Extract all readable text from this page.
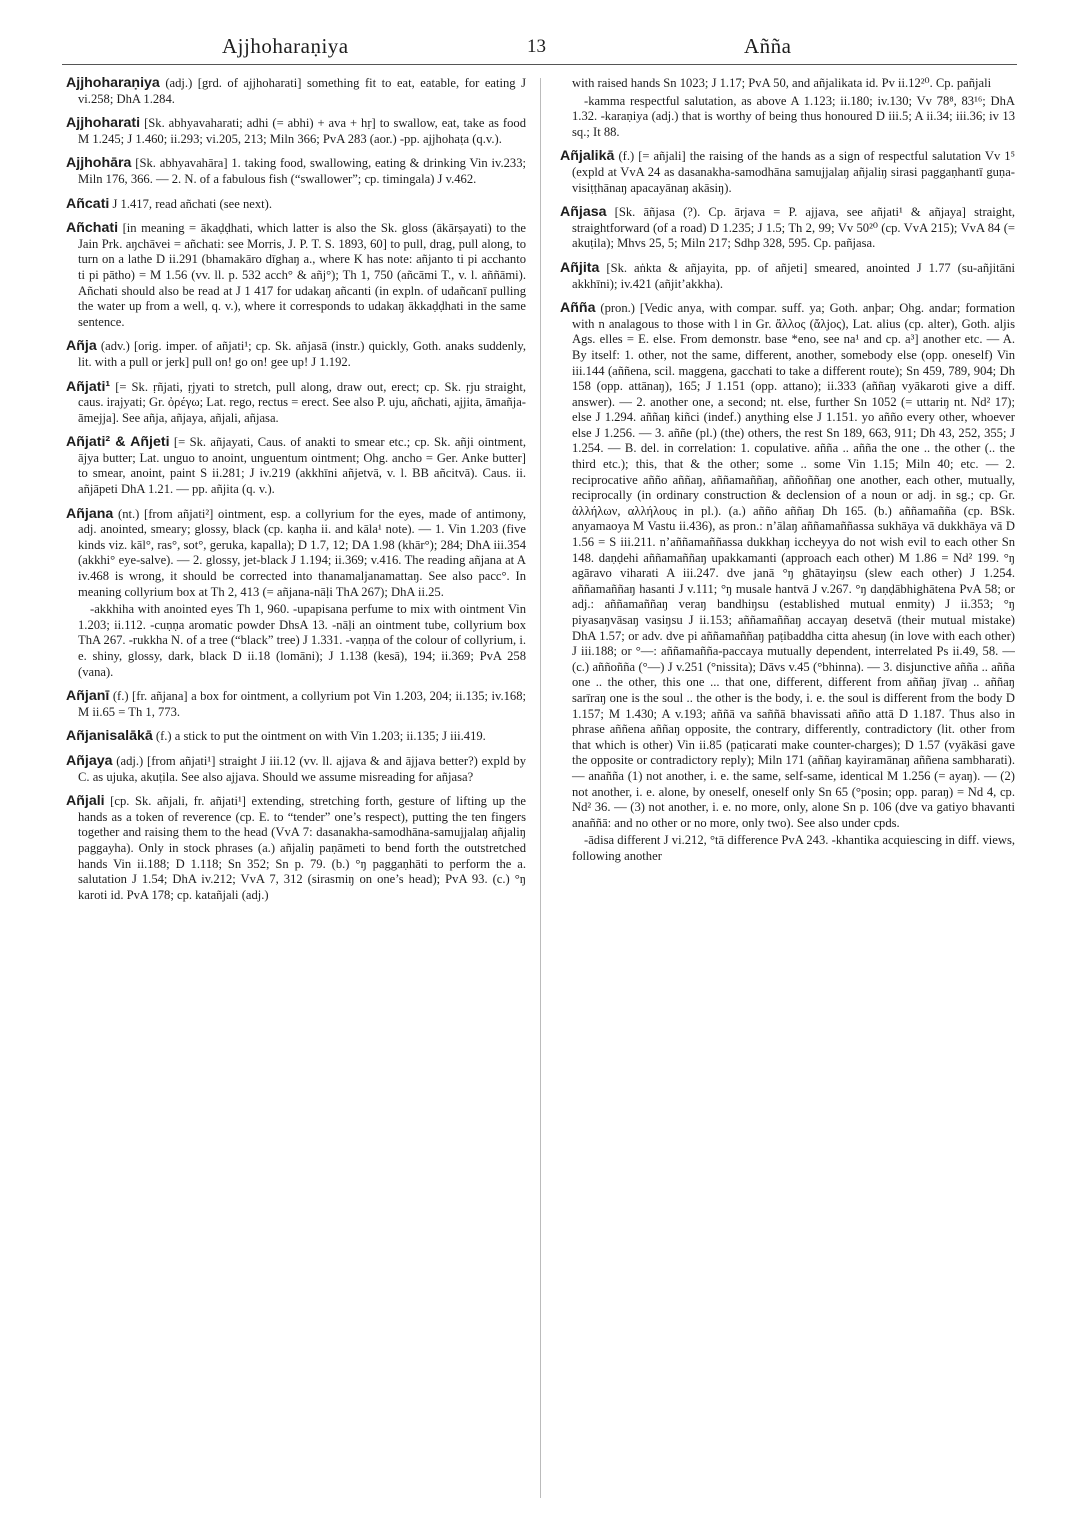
Ajjhoharaṇiya	13	Añña
Ajjhoharaṇiya (adj.) [grd. of ajjhoharati] something fit to eat, eatable, for eating J vi.258; DhA 1.284.
Ajjhoharati [Sk. abhyavaharati; adhi (= abhi) + ava + hṛ] to swallow, eat, take as food M 1.245; J 1.460; ii.293; vi.205, 213; Miln 366; PvA 283 (aor.) -pp. ajjhohaṭa (q.v.).
Ajjhohāra [Sk. abhyavahāra] 1. taking food, swallowing, eating & drinking Vin iv.233; Miln 176, 366. — 2. N. of a fabulous fish (“swallower”; cp. timingala) J v.462.
Añcati J 1.417, read añchati (see next).
Añchati [in meaning = ākaḍḍhati, which latter is also the Sk. gloss (ākārṣayati) to the Jain Prk. aŋchāvei = añchati: see Morris, J. P. T. S. 1893, 60] to pull, drag, pull along, to turn on a lathe D ii.291 (bhamakāro dīghaŋ a., where K has note: añjanto ti pi acchanto ti pi pātho) = M 1.56 (vv. ll. p. 532 acch° & añj°); Th 1, 750 (añcāmi T., v. l. aññāmi). Añchati should also be read at J 1 417 for udakaŋ añcanti (in expln. of udañcanī pulling the water up from a well, q. v.), where it corresponds to udakaŋ ākkaḍḍhati in the same sentence.
Añja (adv.) [orig. imper. of añjati¹; cp. Sk. añjasā (instr.) quickly, Goth. anaks suddenly, lit. with a pull or jerk] pull on! go on! gee up! J 1.192.
Añjati¹ [= Sk. ṛñjati, ṛjyati to stretch, pull along, draw out, erect; cp. Sk. ṛju straight, caus. irajyati; Gr. ὀρέγω; Lat. rego, rectus = erect. See also P. uju, añchati, ajjita, āmañja-āmejja]. See añja, añjaya, añjali, añjasa.
Añjati² & Añjeti [= Sk. añjayati, Caus. of anakti to smear etc.; cp. Sk. añji ointment, ājya butter; Lat. unguo to anoint, unguentum ointment; Ohg. ancho = Ger. Anke butter] to smear, anoint, paint S ii.281; J iv.219 (akkhīni añjetvā, v. l. BB añcitvā). Caus. ii. añjāpeti DhA 1.21. — pp. añjita (q. v.).
Añjana (nt.) [from añjati²] ointment, esp. a collyrium for the eyes, made of antimony, adj. anointed, smeary; glossy, black (cp. kaṇha ii. and kāla¹ note). — 1. Vin 1.203 (five kinds viz. kāl°, ras°, sot°, geruka, kapalla); D 1.7, 12; DA 1.98 (khār°); 284; DhA iii.354 (akkhi° eye-salve). — 2. glossy, jet-black J 1.194; ii.369; v.416. The reading añjana at A iv.468 is wrong, it should be corrected into thanamaljanamattaŋ. See also pacc°. In meaning collyrium box at Th 2, 413 (= añjana-nāḷi ThA 267); DhA ii.25.
-akkhiha with anointed eyes Th 1, 960. -upapisana perfume to mix with ointment Vin 1.203; ii.112. -cuṇṇa aromatic powder DhsA 13. -nāḷi an ointment tube, collyrium box ThA 267. -rukkha N. of a tree (“black” tree) J 1.331. -vaṇṇa of the colour of collyrium, i. e. shiny, glossy, dark, black D ii.18 (lomāni); J 1.138 (kesā), 194; ii.369; PvA 258 (vana).
Añjanī (f.) [fr. añjana] a box for ointment, a collyrium pot Vin 1.203, 204; ii.135; iv.168; M ii.65 = Th 1, 773.
Añjanisalākā (f.) a stick to put the ointment on with Vin 1.203; ii.135; J iii.419.
Añjaya (adj.) [from añjati¹] straight J iii.12 (vv. ll. ajjava & and ājjava better?) expld by C. as ujuka, akuṭila. See also ajjava. Should we assume misreading for añjasa?
Añjali [cp. Sk. añjali, fr. añjati¹] extending, stretching forth, gesture of lifting up the hands as a token of reverence (cp. E. to “tender” one’s respect), putting the ten fingers together and raising them to the head (VvA 7: dasanakha-samodhāna-samujjalaŋ añjaliŋ paggayha). Only in stock phrases (a.) añjaliŋ paṇāmeti to bend forth the outstretched hands Vin ii.188; D 1.118; Sn 352; Sn p. 79. (b.) °ŋ paggaṇhāti to perform the a. salutation J 1.54; DhA iv.212; VvA 7, 312 (sirasmiŋ on one’s head); PvA 93. (c.) °ŋ karoti id. PvA 178; cp. katañjali (adj.)
with raised hands Sn 1023; J 1.17; PvA 50, and añjalikata id. Pv ii.12²⁰. Cp. pañjali
-kamma respectful salutation, as above A 1.123; ii.180; iv.130; Vv 78⁸, 83¹⁶; DhA 1.32. -karaṇiya (adj.) that is worthy of being thus honoured D iii.5; A ii.34; iii.36; iv 13 sq.; It 88.
Añjalikā (f.) [= añjali] the raising of the hands as a sign of respectful salutation Vv 1⁵ (expld at VvA 24 as dasanakha-samodhāna samujjalaŋ añjaliŋ sirasi paggaṇhantī guṇa-visiṭṭhānaŋ apacayānaŋ akāsiŋ).
Añjasa [Sk. āñjasa (?). Cp. ārjava = P. ajjava, see añjati¹ & añjaya] straight, straightforward (of a road) D 1.235; J 1.5; Th 2, 99; Vv 50²⁰ (cp. VvA 215); VvA 84 (= akuṭila); Mhvs 25, 5; Miln 217; Sdhp 328, 595. Cp. pañjasa.
Añjita [Sk. aṅkta & añjayita, pp. of añjeti] smeared, anointed J 1.77 (su-añjitāni akkhīni); iv.421 (añjit’akkha).
Añña (pron.) [Vedic anya, with compar. suff. ya; Goth. anþar; Ohg. andar; formation with n analagous to those with l in Gr. ἄλλος (ἄλjος), Lat. alius (cp. alter), Goth. aljis Ags. elles = E. else. From demonstr. base *eno, see na¹ and cp. a³] another etc. — A. By itself: 1. other, not the same, different, another, somebody else (opp. oneself) Vin iii.144 (aññena, scil. maggena, gacchati to take a different route); Sn 459, 789, 904; Dh 158 (opp. attānaŋ), 165; J 1.151 (opp. attano); ii.333 (aññaŋ vyākaroti give a diff. answer). — 2. another one, a second; nt. else, further Sn 1052 (= uttariŋ nt. Nd² 17); else J 1.294. aññaŋ kiñci (indef.) anything else J 1.151. yo añño every other, whoever else J 1.256. — 3. aññe (pl.) (the) others, the rest Sn 189, 663, 911; Dh 43, 252, 355; J 1.254. — B. del. in correlation: 1. copulative. añña .. añña the one .. the other (.. the third etc.); this, that & the other; some .. some Vin 1.15; Miln 40; etc. — 2. reciprocative añño aññaŋ, aññamaññaŋ, aññoññaŋ one another, each other, mutually, reciprocally (in ordinary construction & declension of a noun or adj. in sg.; cp. Gr. ἀλλήλων, αλλήλους in pl.). (a.) añño aññaŋ Dh 165. (b.) aññamañña (cp. BSk. anyamaoya M Vastu ii.436), as pron.: n’ālaŋ aññamaññassa sukhāya vā dukkhāya vā D 1.56 = S iii.211. n’aññamaññassa dukkhaŋ iccheyya do not wish evil to each other Sn 148. daṇḍehi aññamaññaŋ upakkamanti (approach each other) M 1.86 = Nd² 199. °ŋ agāravo viharati A iii.247. dve janā °ŋ ghātayiŋsu (slew each other) J 1.254. aññamaññaŋ hasanti J v.111; °ŋ musale hantvā J v.267. °ŋ daṇḍābhighātena PvA 58; or adj.: aññamaññaŋ veraŋ bandhiŋsu (established mutual enmity) J ii.353; °ŋ piyasaŋvāsaŋ vasiŋsu J ii.153; aññamaññaŋ accayaŋ desetvā (their mutual mistake) DhA 1.57; or adv. dve pi aññamaññaŋ paṭibaddha citta ahesuŋ (in love with each other) J iii.188; or °—: aññamañña-paccaya mutually dependent, interrelated Ps ii.49, 58. — (c.) aññoñña (°—) J v.251 (°nissita); Dāvs v.45 (°bhinna). — 3. disjunctive añña .. añña one .. the other, this one ... that one, different, different from aññaŋ jīvaŋ .. aññaŋ sarīraŋ one is the soul .. the other is the body, i. e. the soul is different from the body D 1.157; M 1.430; A v.193; aññā va saññā bhavissati añño attā D 1.187. Thus also in phrase aññena aññaŋ opposite, the contrary, differently, contradictory (lit. other from that which is other) Vin ii.85 (paṭicarati make counter-charges); D 1.57 (vyākāsi gave the opposite or contradictory reply); Miln 171 (aññaŋ kayiramānaŋ aññena sambharati). — anañña (1) not another, i. e. the same, self-same, identical M 1.256 (= ayaŋ). — (2) not another, i. e. alone, by oneself, oneself only Sn 65 (°posin; opp. paraŋ) = Nd 4, cp. Nd² 36. — (3) not another, i. e. no more, only, alone Sn p. 106 (dve va gatiyo bhavanti anaññā: and no other or no more, only two). See also under cpds.
-ādisa different J vi.212, °tā difference PvA 243. -khantika acquiescing in diff. views, following another
